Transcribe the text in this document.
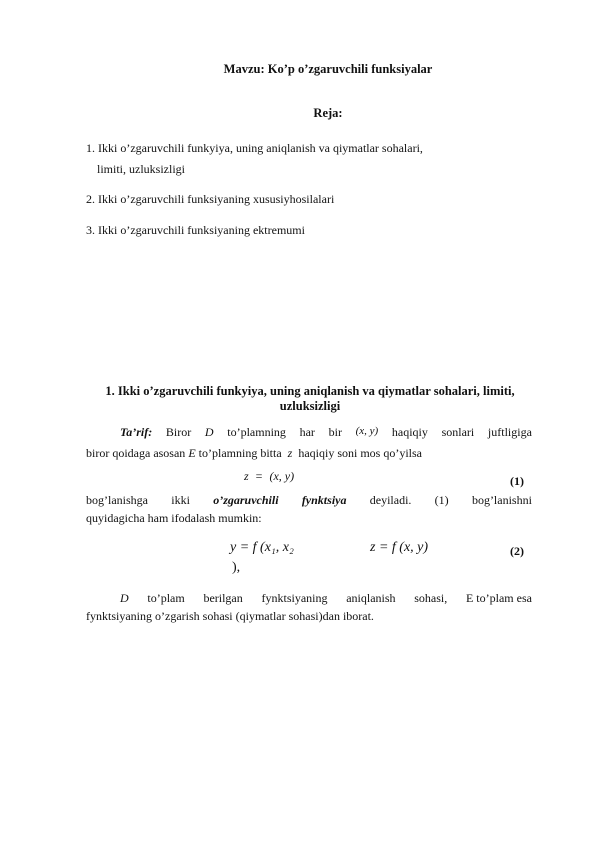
Mavzu: Ko’p o’zgaruvchili funksiyalar
Reja:
1. Ikki o’zgaruvchili funkyiya, uning aniqlanish va qiymatlar sohalari,
limiti, uzluksizligi
2. Ikki o’zgaruvchili funksiyaning xususiyhosilalari
3. Ikki o’zgaruvchili funksiyaning ektremumi
1. Ikki o’zgaruvchili funkyiya, uning aniqlanish va qiymatlar sohalari, limiti, uzluksizligi
Ta’rif: Biror D to’plamning har bir (x, y) haqiqiy sonlari juftligiga
biror qoidaga asosan E to’plamning bitta z haqiqiy soni mos qo’yilsa
z = (x, y)	(1)
bog’lanishga ikki o’zgaruvchili fynktsiya deyiladi. (1) bog’lanishni
quyidagicha ham ifodalash mumkin:
y = f (x₁, x₂
),
z = f (x, y)	(2)
D to’plam berilgan fynktsiyaning aniqlanish sohasi, E to’plam esa
fynktsiyaning o’zgarish sohasi (qiymatlar sohasi)dan iborat.
